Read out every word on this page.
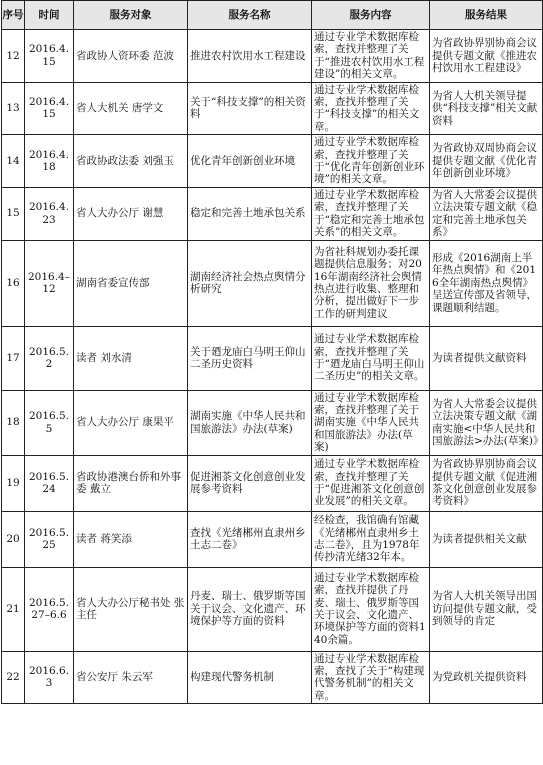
序号	时间	服务对象	服务名称	服务内容	服务结果
12	2016.4.15	省政协人资环委 范波	推进农村饮用水工程建设	通过专业学术数据库检索，查找并整理了关于“推进农村饮用水工程建设”的相关文章。	为省政协界别协商会议提供专题文献《推进农村饮用水工程建设》
13	2016.4.15	省人大机关 唐学文	关于“科技支撑”的相关资料	通过专业学术数据库检索，查找并整理了关于“科技支撑”的相关文章。	为省人大机关领导提供“科技支撑”相关文献资料
14	2016.4.18	省政协政法委 刘强玉	优化青年创新创业环境	通过专业学术数据库检索，查找并整理了关于“优化青年创新创业环境”的相关文章。	为省政协双周协商会议提供专题文献《优化青年创新创业环境》
15	2016.4.23	省人大办公厅 谢慧	稳定和完善土地承包关系	通过专业学术数据库检索，查找并整理了关于“稳定和完善土地承包关系”的相关文章。	为省人大常委会议提供立法决策专题文献《稳定和完善土地承包关系》
16	2016.4–12	湖南省委宣传部	湖南经济社会热点舆情分析研究	为省社科规划办委托课题提供信息服务；对2016年湖南经济社会舆情热点进行收集、整理和分析，提出做好下一步工作的研判建议	形成《2016湖南上半年热点舆情》和《2016全年湖南热点舆情》呈送宣传部及省领导，课题顺利结题。
17	2016.5.2	读者 刘水清	关于廼龙庙白马明王仰山二圣历史资料	通过专业学术数据库检索，查找并整理了关于“廼龙庙白马明王仰山二圣历史”的相关文章。	为读者提供文献资料
18	2016.5.5	省人大办公厅 康果平	湖南实施《中华人民共和国旅游法》办法(草案)	通过专业学术数据库检索，查找并整理了关于湖南实施《中华人民共和国旅游法》办法(草案)	为省人大常委会议提供立法决策专题文献《湖南实施<中华人民共和国旅游法>办法(草案)》
19	2016.5.24	省政协港澳台侨和外事委 戴立	促进湘茶文化创意创业发展参考资料	通过专业学术数据库检索，查找并整理了关于“促进湘茶文化创意创业发展”的相关文章。	为省政协界别协商会议提供专题文献《促进湘茶文化创意创业发展参考资料》
20	2016.5.25	读者 蒋笑添	查找《光绪郴州直隶州乡土志二卷》	经检查，我馆确有馆藏《光绪郴州直隶州乡土志二卷》，且为1978年传抄清光绪32年本。	为读者提供相关文献
21	2016.5.27–6.6	省人大办公厅秘书处 张主任	丹麦、瑞士、俄罗斯等国关于议会、文化遗产、环境保护等方面的资料	通过专业学术数据库检索，查找并提供了丹麦、瑞士、俄罗斯等国关于议会、文化遗产、环境保护等方面的资料140余篇。	为省人大机关领导出国访问提供专题文献，受到领导的肯定
22	2016.6.3	省公安厅 朱云军	构建现代警务机制	通过专业学术数据库检索，查找了关于“构建现代警务机制”的相关文章。	为党政机关提供资料
